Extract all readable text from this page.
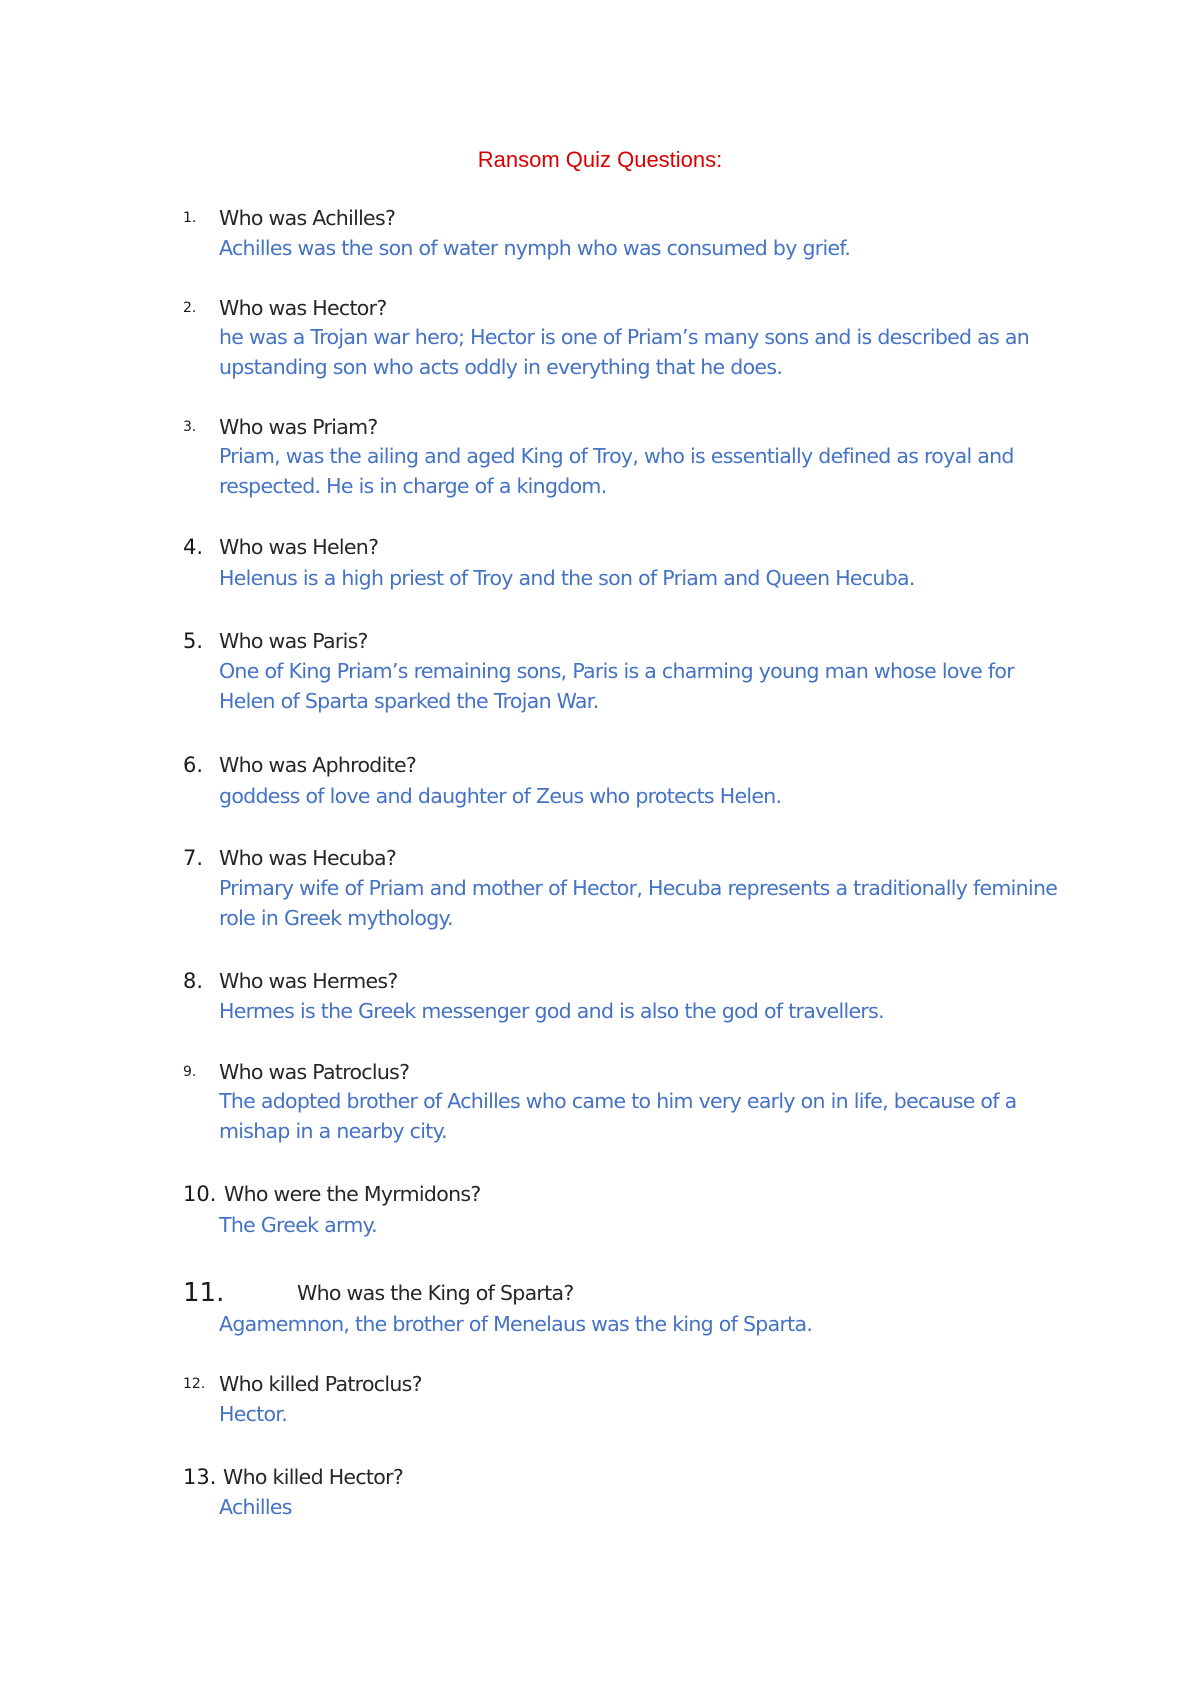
Ransom Quiz Questions:
1. Who was Achilles?
Achilles was the son of water nymph who was consumed by grief.
2. Who was Hector?
he was a Trojan war hero; Hector is one of Priam’s many sons and is described as an upstanding son who acts oddly in everything that he does.
3. Who was Priam?
Priam, was the ailing and aged King of Troy, who is essentially defined as royal and respected. He is in charge of a kingdom.
4. Who was Helen?
Helenus is a high priest of Troy and the son of Priam and Queen Hecuba.
5. Who was Paris?
One of King Priam’s remaining sons, Paris is a charming young man whose love for Helen of Sparta sparked the Trojan War.
6. Who was Aphrodite?
goddess of love and daughter of Zeus who protects Helen.
7. Who was Hecuba?
Primary wife of Priam and mother of Hector, Hecuba represents a traditionally feminine role in Greek mythology.
8. Who was Hermes?
Hermes is the Greek messenger god and is also the god of travellers.
9. Who was Patroclus?
The adopted brother of Achilles who came to him very early on in life, because of a mishap in a nearby city.
10. Who were the Myrmidons?
The Greek army.
11.	Who was the King of Sparta?
Agamemnon, the brother of Menelaus was the king of Sparta.
12. Who killed Patroclus?
Hector.
13. Who killed Hector?
Achilles
